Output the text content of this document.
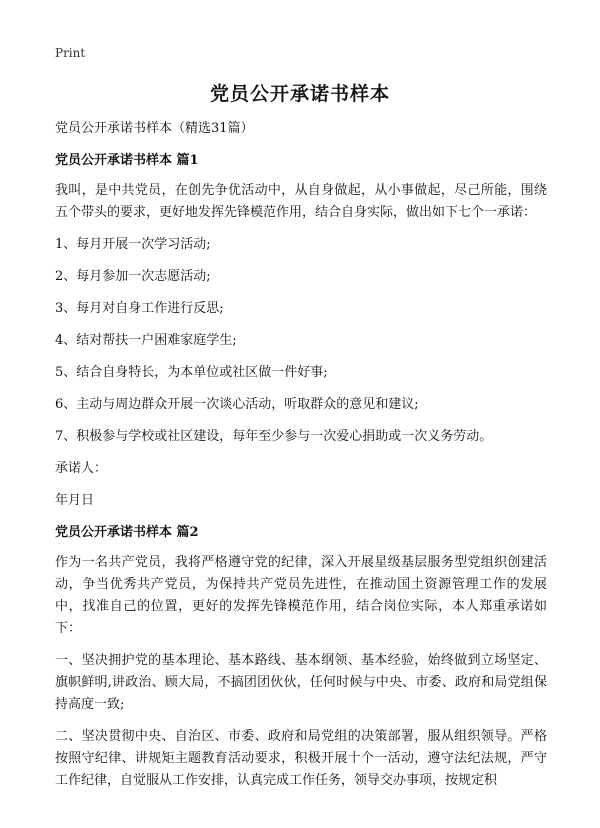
Print
党员公开承诺书样本

党员公开承诺书样本（精选31篇）

党员公开承诺书样本 篇1

我叫，是中共党员，在创先争优活动中，从自身做起，从小事做起，尽己所能，围绕五个带头的要求，更好地发挥先锋模范作用，结合自身实际，做出如下七个一承诺：

1、每月开展一次学习活动;

2、每月参加一次志愿活动;

3、每月对自身工作进行反思;

4、结对帮扶一户困难家庭学生;

5、结合自身特长，为本单位或社区做一件好事;

6、主动与周边群众开展一次谈心活动，听取群众的意见和建议;

7、积极参与学校或社区建设，每年至少参与一次爱心捐助或一次义务劳动。

承诺人：

年月日

党员公开承诺书样本 篇2

作为一名共产党员，我将严格遵守党的纪律，深入开展星级基层服务型党组织创建活动，争当优秀共产党员，为保持共产党员先进性，在推动国土资源管理工作的发展中，找准自己的位置，更好的发挥先锋模范作用，结合岗位实际，本人郑重承诺如下：

一、坚决拥护党的基本理论、基本路线、基本纲领、基本经验，始终做到立场坚定、旗帜鲜明,讲政治、顾大局，不搞团团伙伙，任何时候与中央、市委、政府和局党组保持高度一致;

二、坚决贯彻中央、自治区、市委、政府和局党组的决策部署，服从组织领导。严格按照守纪律、讲规矩主题教育活动要求，积极开展十个一活动，遵守法纪法规，严守工作纪律，自觉服从工作安排，认真完成工作任务，领导交办事项，按规定积
